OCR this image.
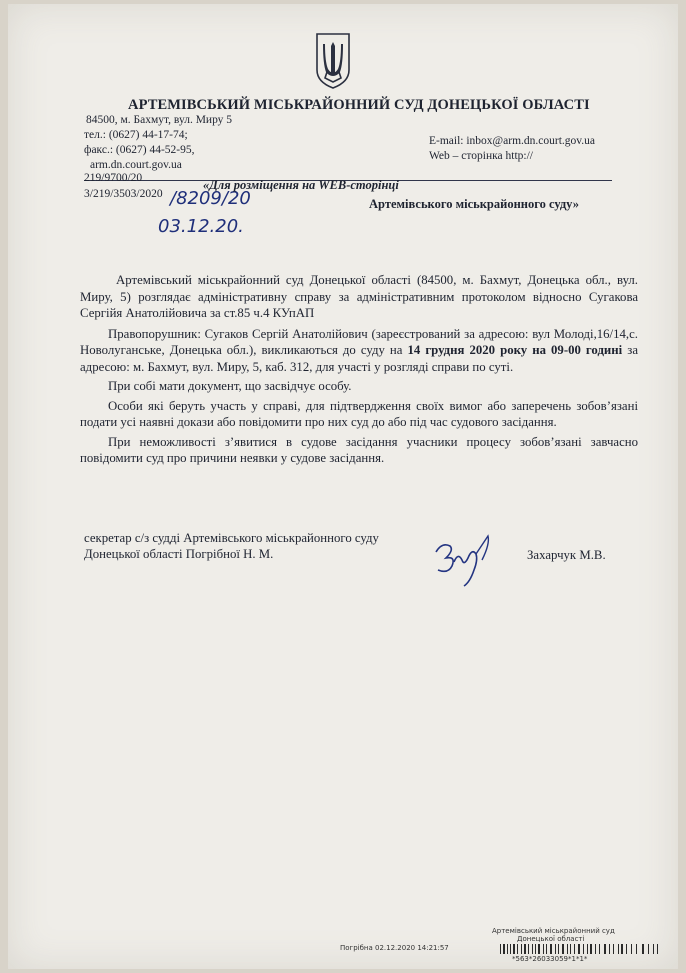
АРТЕМІВСЬКИЙ МІСЬКРАЙОННИЙ СУД ДОНЕЦЬКОЇ ОБЛАСТІ
84500, м. Бахмут, вул. Миру 5
тел.: (0627) 44-17-74;
факс.: (0627) 44-52-95,
arm.dn.court.gov.ua
E-mail: inbox@arm.dn.court.gov.ua
Web – сторінка http://
219/9700/20
3/219/3503/2020 /8209/20
03.12.20.
«Для розміщення на WEB-сторінці
Артемівського міськрайонного суду»

Артемівський міськрайонний суд Донецької області (84500, м. Бахмут, Донецька обл., вул. Миру, 5) розглядає адміністративну справу за адміністративним протоколом відносно Сугакова Сергійя Анатолійовича за ст.85 ч.4 КУпАП

Правопорушник: Сугаков Сергій Анатолійович (зареєстрований за адресою: вул Молоді,16/14,с. Новолуганське, Донецька обл.), викликаються до суду на 14 грудня 2020 року на 09-00 годині за адресою: м. Бахмут, вул. Миру, 5, каб. 312, для участі у розгляді справи по суті.

При собі мати документ, що засвідчує особу.

Особи які беруть участь у справі, для підтвердження своїх вимог або заперечень зобов’язані подати усі наявні докази або повідомити про них суд до або під час судового засідання.

При неможливості з’явитися в судове засідання учасники процесу зобов’язані завчасно повідомити суд про причини неявки у судове засідання.

секретар с/з судді Артемівського міськрайонного суду
Донецької області Погрібної Н. М.	Захарчук М.В.
Артемівський міськрайонний суд
Донецької області
Погрібна 02.12.2020 14:21:57
*563*26033059*1*1*
